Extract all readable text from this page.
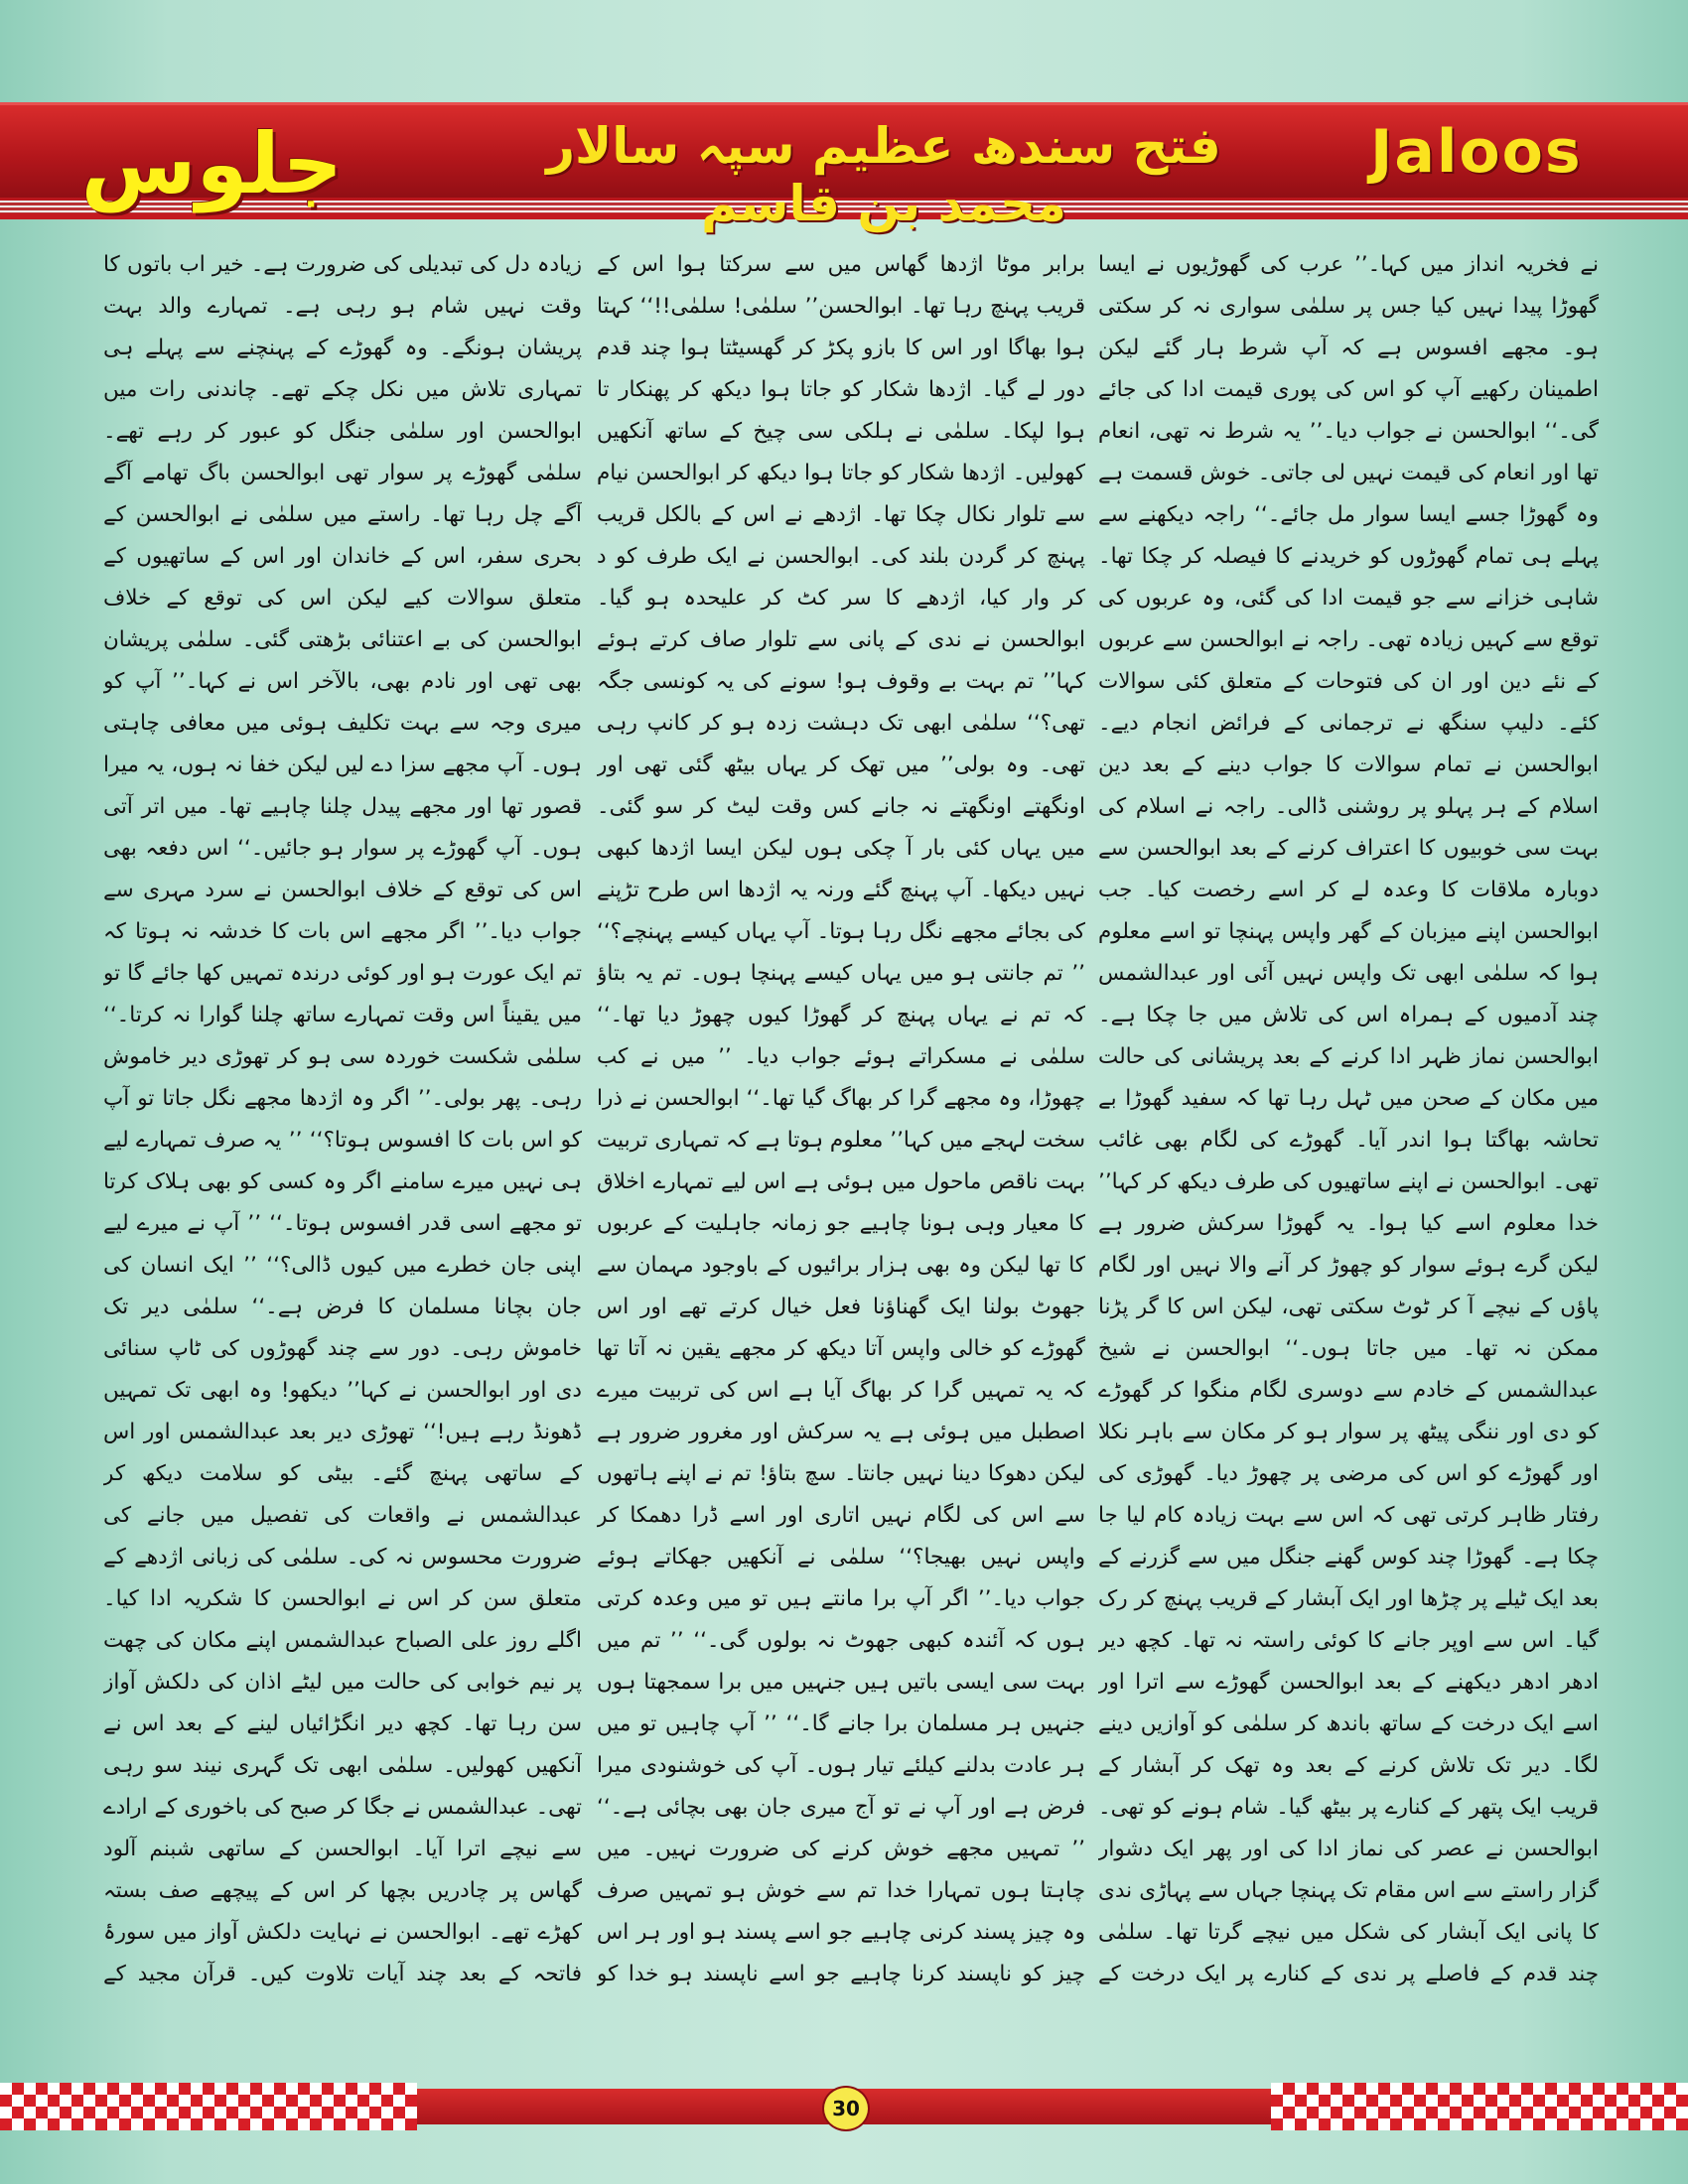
Jaloos
فتح سندھ عظیم سپہ سالار محمد بن قاسم
جلوس
نے فخریہ انداز میں کہا۔’’ عرب کی گھوڑیوں نے ایسا گھوڑا پیدا نہیں کیا جس پر سلمٰی سواری نہ کر سکتی ہو۔ مجھے افسوس ہے کہ آپ شرط ہار گئے لیکن اطمینان رکھیے آپ کو اس کی پوری قیمت ادا کی جائے گی۔‘‘ ابوالحسن نے جواب دیا۔’’ یہ شرط نہ تھی، انعام تھا اور انعام کی قیمت نہیں لی جاتی۔ خوش قسمت ہے وہ گھوڑا جسے ایسا سوار مل جائے۔‘‘ راجہ دیکھنے سے پہلے ہی تمام گھوڑوں کو خریدنے کا فیصلہ کر چکا تھا۔ شاہی خزانے سے جو قیمت ادا کی گئی، وہ عربوں کی توقع سے کہیں زیادہ تھی۔ راجہ نے ابوالحسن سے عربوں کے نئے دین اور ان کی فتوحات کے متعلق کئی سوالات کئے۔ دلیپ سنگھ نے ترجمانی کے فرائض انجام دیے۔ ابوالحسن نے تمام سوالات کا جواب دینے کے بعد دین اسلام کے ہر پہلو پر روشنی ڈالی۔ راجہ نے اسلام کی بہت سی خوبیوں کا اعتراف کرنے کے بعد ابوالحسن سے دوبارہ ملاقات کا وعدہ لے کر اسے رخصت کیا۔ جب ابوالحسن اپنے میزبان کے گھر واپس پہنچا تو اسے معلوم ہوا کہ سلمٰی ابھی تک واپس نہیں آئی اور عبدالشمس چند آدمیوں کے ہمراہ اس کی تلاش میں جا چکا ہے۔ ابوالحسن نماز ظہر ادا کرنے کے بعد پریشانی کی حالت میں مکان کے صحن میں ٹہل رہا تھا کہ سفید گھوڑا بے تحاشہ بھاگتا ہوا اندر آیا۔ گھوڑے کی لگام بھی غائب تھی۔ ابوالحسن نے اپنے ساتھیوں کی طرف دیکھ کر کہا’’ خدا معلوم اسے کیا ہوا۔ یہ گھوڑا سرکش ضرور ہے لیکن گرے ہوئے سوار کو چھوڑ کر آنے والا نہیں اور لگام پاؤں کے نیچے آ کر ٹوٹ سکتی تھی، لیکن اس کا گر پڑنا ممکن نہ تھا۔ میں جاتا ہوں۔‘‘ ابوالحسن نے شیخ عبدالشمس کے خادم سے دوسری لگام منگوا کر گھوڑے کو دی اور ننگی پیٹھ پر سوار ہو کر مکان سے باہر نکلا اور گھوڑے کو اس کی مرضی پر چھوڑ دیا۔ گھوڑی کی رفتار ظاہر کرتی تھی کہ اس سے بہت زیادہ کام لیا جا چکا ہے۔ گھوڑا چند کوس گھنے جنگل میں سے گزرنے کے بعد ایک ٹیلے پر چڑھا اور ایک آبشار کے قریب پہنچ کر رک گیا۔ اس سے اوپر جانے کا کوئی راستہ نہ تھا۔ کچھ دیر ادھر ادھر دیکھنے کے بعد ابوالحسن گھوڑے سے اترا اور اسے ایک درخت کے ساتھ باندھ کر سلمٰی کو آوازیں دینے لگا۔ دیر تک تلاش کرنے کے بعد وہ تھک کر آبشار کے قریب ایک پتھر کے کنارے پر بیٹھ گیا۔ شام ہونے کو تھی۔ ابوالحسن نے عصر کی نماز ادا کی اور پھر ایک دشوار گزار راستے سے اس مقام تک پہنچا جہاں سے پہاڑی ندی کا پانی ایک آبشار کی شکل میں نیچے گرتا تھا۔ سلمٰی چند قدم کے فاصلے پر ندی کے کنارے پر ایک درخت کے
برابر موٹا اژدھا گھاس میں سے سرکتا ہوا اس کے قریب پہنچ رہا تھا۔ ابوالحسن’’ سلمٰی! سلمٰی!!‘‘ کہتا ہوا بھاگا اور اس کا بازو پکڑ کر گھسیٹتا ہوا چند قدم دور لے گیا۔ اژدھا شکار کو جاتا ہوا دیکھ کر پھنکار تا ہوا لپکا۔ سلمٰی نے ہلکی سی چیخ کے ساتھ آنکھیں کھولیں۔ اژدھا شکار کو جاتا ہوا دیکھ کر ابوالحسن نیام سے تلوار نکال چکا تھا۔ اژدھے نے اس کے بالکل قریب پہنچ کر گردن بلند کی۔ ابوالحسن نے ایک طرف کو د کر وار کیا، اژدھے کا سر کٹ کر علیحدہ ہو گیا۔ ابوالحسن نے ندی کے پانی سے تلوار صاف کرتے ہوئے کہا’’ تم بہت بے وقوف ہو! سونے کی یہ کونسی جگہ تھی؟‘‘ سلمٰی ابھی تک دہشت زدہ ہو کر کانپ رہی تھی۔ وہ بولی’’ میں تھک کر یہاں بیٹھ گئی تھی اور اونگھتے اونگھتے نہ جانے کس وقت لیٹ کر سو گئی۔ میں یہاں کئی بار آ چکی ہوں لیکن ایسا اژدھا کبھی نہیں دیکھا۔ آپ پہنچ گئے ورنہ یہ اژدھا اس طرح تڑپنے کی بجائے مجھے نگل رہا ہوتا۔ آپ یہاں کیسے پہنچے؟‘‘ ’’ تم جانتی ہو میں یہاں کیسے پہنچا ہوں۔ تم یہ بتاؤ کہ تم نے یہاں پہنچ کر گھوڑا کیوں چھوڑ دیا تھا۔‘‘ سلمٰی نے مسکراتے ہوئے جواب دیا۔ ’’ میں نے کب چھوڑا، وہ مجھے گرا کر بھاگ گیا تھا۔‘‘ ابوالحسن نے ذرا سخت لہجے میں کہا’’ معلوم ہوتا ہے کہ تمہاری تربیت بہت ناقص ماحول میں ہوئی ہے اس لیے تمہارے اخلاق کا معیار وہی ہونا چاہیے جو زمانہ جاہلیت کے عربوں کا تھا لیکن وہ بھی ہزار برائیوں کے باوجود مہمان سے جھوٹ بولنا ایک گھناؤنا فعل خیال کرتے تھے اور اس گھوڑے کو خالی واپس آتا دیکھ کر مجھے یقین نہ آتا تھا کہ یہ تمہیں گرا کر بھاگ آیا ہے اس کی تربیت میرے اصطبل میں ہوئی ہے یہ سرکش اور مغرور ضرور ہے لیکن دھوکا دینا نہیں جانتا۔ سچ بتاؤ! تم نے اپنے ہاتھوں سے اس کی لگام نہیں اتاری اور اسے ڈرا دھمکا کر واپس نہیں بھیجا؟‘‘ سلمٰی نے آنکھیں جھکاتے ہوئے جواب دیا۔’’ اگر آپ برا مانتے ہیں تو میں وعدہ کرتی ہوں کہ آئندہ کبھی جھوٹ نہ بولوں گی۔‘‘ ’’ تم میں بہت سی ایسی باتیں ہیں جنہیں میں برا سمجھتا ہوں جنہیں ہر مسلمان برا جانے گا۔‘‘ ’’ آپ چاہیں تو میں ہر عادت بدلنے کیلئے تیار ہوں۔ آپ کی خوشنودی میرا فرض ہے اور آپ نے تو آج میری جان بھی بچائی ہے۔‘‘ ’’ تمہیں مجھے خوش کرنے کی ضرورت نہیں۔ میں چاہتا ہوں تمہارا خدا تم سے خوش ہو تمہیں صرف وہ چیز پسند کرنی چاہیے جو اسے پسند ہو اور ہر اس چیز کو ناپسند کرنا چاہیے جو اسے ناپسند ہو خدا کو
زیادہ دل کی تبدیلی کی ضرورت ہے۔ خیر اب باتوں کا وقت نہیں شام ہو رہی ہے۔ تمہارے والد بہت پریشان ہونگے۔ وہ گھوڑے کے پہنچنے سے پہلے ہی تمہاری تلاش میں نکل چکے تھے۔ چاندنی رات میں ابوالحسن اور سلمٰی جنگل کو عبور کر رہے تھے۔ سلمٰی گھوڑے پر سوار تھی ابوالحسن باگ تھامے آگے آگے چل رہا تھا۔ راستے میں سلمٰی نے ابوالحسن کے بحری سفر، اس کے خاندان اور اس کے ساتھیوں کے متعلق سوالات کیے لیکن اس کی توقع کے خلاف ابوالحسن کی بے اعتنائی بڑھتی گئی۔ سلمٰی پریشان بھی تھی اور نادم بھی، بالآخر اس نے کہا۔’’ آپ کو میری وجہ سے بہت تکلیف ہوئی میں معافی چاہتی ہوں۔ آپ مجھے سزا دے لیں لیکن خفا نہ ہوں، یہ میرا قصور تھا اور مجھے پیدل چلنا چاہیے تھا۔ میں اتر آتی ہوں۔ آپ گھوڑے پر سوار ہو جائیں۔‘‘ اس دفعہ بھی اس کی توقع کے خلاف ابوالحسن نے سرد مہری سے جواب دیا۔’’ اگر مجھے اس بات کا خدشہ نہ ہوتا کہ تم ایک عورت ہو اور کوئی درندہ تمہیں کھا جائے گا تو میں یقیناً اس وقت تمہارے ساتھ چلنا گوارا نہ کرتا۔‘‘ سلمٰی شکست خوردہ سی ہو کر تھوڑی دیر خاموش رہی۔ پھر بولی۔’’ اگر وہ اژدھا مجھے نگل جاتا تو آپ کو اس بات کا افسوس ہوتا؟‘‘ ’’ یہ صرف تمہارے لیے ہی نہیں میرے سامنے اگر وہ کسی کو بھی ہلاک کرتا تو مجھے اسی قدر افسوس ہوتا۔‘‘ ’’ آپ نے میرے لیے اپنی جان خطرے میں کیوں ڈالی؟‘‘ ’’ ایک انسان کی جان بچانا مسلمان کا فرض ہے۔‘‘ سلمٰی دیر تک خاموش رہی۔ دور سے چند گھوڑوں کی ٹاپ سنائی دی اور ابوالحسن نے کہا’’ دیکھو! وہ ابھی تک تمہیں ڈھونڈ رہے ہیں!‘‘ تھوڑی دیر بعد عبدالشمس اور اس کے ساتھی پہنچ گئے۔ بیٹی کو سلامت دیکھ کر عبدالشمس نے واقعات کی تفصیل میں جانے کی ضرورت محسوس نہ کی۔ سلمٰی کی زبانی اژدھے کے متعلق سن کر اس نے ابوالحسن کا شکریہ ادا کیا۔ اگلے روز علی الصباح عبدالشمس اپنے مکان کی چھت پر نیم خوابی کی حالت میں لیٹے اذان کی دلکش آواز سن رہا تھا۔ کچھ دیر انگڑائیاں لینے کے بعد اس نے آنکھیں کھولیں۔ سلمٰی ابھی تک گہری نیند سو رہی تھی۔ عبدالشمس نے جگا کر صبح کی باخوری کے ارادے سے نیچے اترا آیا۔ ابوالحسن کے ساتھی شبنم آلود گھاس پر چادریں بچھا کر اس کے پیچھے صف بستہ کھڑے تھے۔ ابوالحسن نے نہایت دلکش آواز میں سورۂ فاتحہ کے بعد چند آیات تلاوت کیں۔ قرآن مجید کے
30
